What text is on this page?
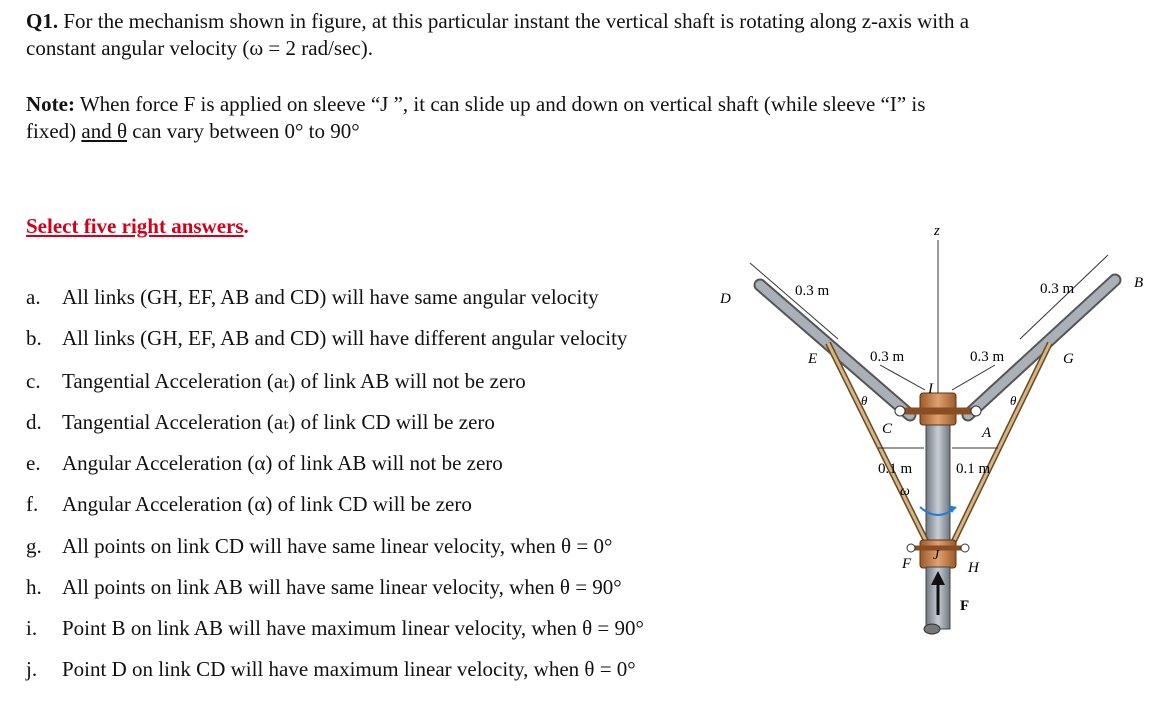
Q1. For the mechanism shown in figure, at this particular instant the vertical shaft is rotating along z-axis with a
constant angular velocity (ω = 2 rad/sec).
Note: When force F is applied on sleeve “J ”, it can slide up and down on vertical shaft (while sleeve “I” is
fixed) and θ can vary between 0° to 90°
Select five right answers.
a. All links (GH, EF, AB and CD) will have same angular velocity
b. All links (GH, EF, AB and CD) will have different angular velocity
c. Tangential Acceleration (aₜ) of link AB will not be zero
d. Tangential Acceleration (aₜ) of link CD will be zero
e. Angular Acceleration (α) of link AB will not be zero
f. Angular Acceleration (α) of link CD will be zero
g. All points on link CD will have same linear velocity, when θ = 0°
h. All points on link AB will have same linear velocity, when θ = 90°
i. Point B on link AB will have maximum linear velocity, when θ = 90°
j. Point D on link CD will have maximum linear velocity, when θ = 0°
z
ω
F
D
B
E	G
C	A
F	H
I
J
θ	θ
0.3 m	0.3 m
0.3 m	0.3 m
0.1 m	0.1 m
